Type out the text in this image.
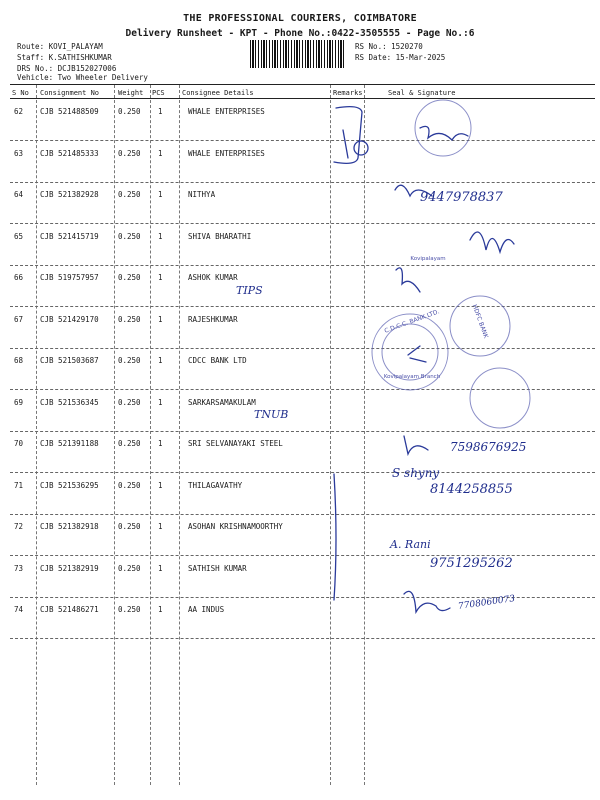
THE PROFESSIONAL COURIERS, COIMBATORE
Delivery Runsheet - KPT - Phone No.:0422-3505555 - Page No.:6
Route: KOVI_PALAYAM
Staff: K.SATHISHKUMAR
DRS No.: DCJB152027006
Vehicle: Two Wheeler Delivery
RS No.: 1520270
RS Date: 15-Mar-2025
S No Consignment No	Weight PCS Consignee Details	Remarks	Seal & Signature
62 CJB 521488509	0.250 1	WHALE ENTERPRISES
63 CJB 521485333	0.250 1	WHALE ENTERPRISES
64 CJB 521382928	0.250 1	NITHYA
65 CJB 521415719	0.250 1	SHIVA BHARATHI
66 CJB 519757957	0.250 1	ASHOK KUMAR
67 CJB 521429170	0.250 1	RAJESHKUMAR
68 CJB 521503687	0.250 1	CDCC BANK LTD
69 CJB 521536345	0.250 1	SARKARSAMAKULAM
70 CJB 521391188	0.250 1	SRI SELVANAYAKI STEEL
71 CJB 521536295	0.250 1	THILAGAVATHY
72 CJB 521382918	0.250 1	ASOHAN KRISHNAMOORTHY
73 CJB 521382919	0.250 1	SATHISH KUMAR
74 CJB 521486271	0.250 1	AA INDUS
9447978837
TIPS
TNUB
7598676925
S shyny
8144258855
A. Rani
9751295262
7708060073
C.D.C.C. BANK LTD.
Kovipalayam Branch
HDFC BANK
Kovipalayam
